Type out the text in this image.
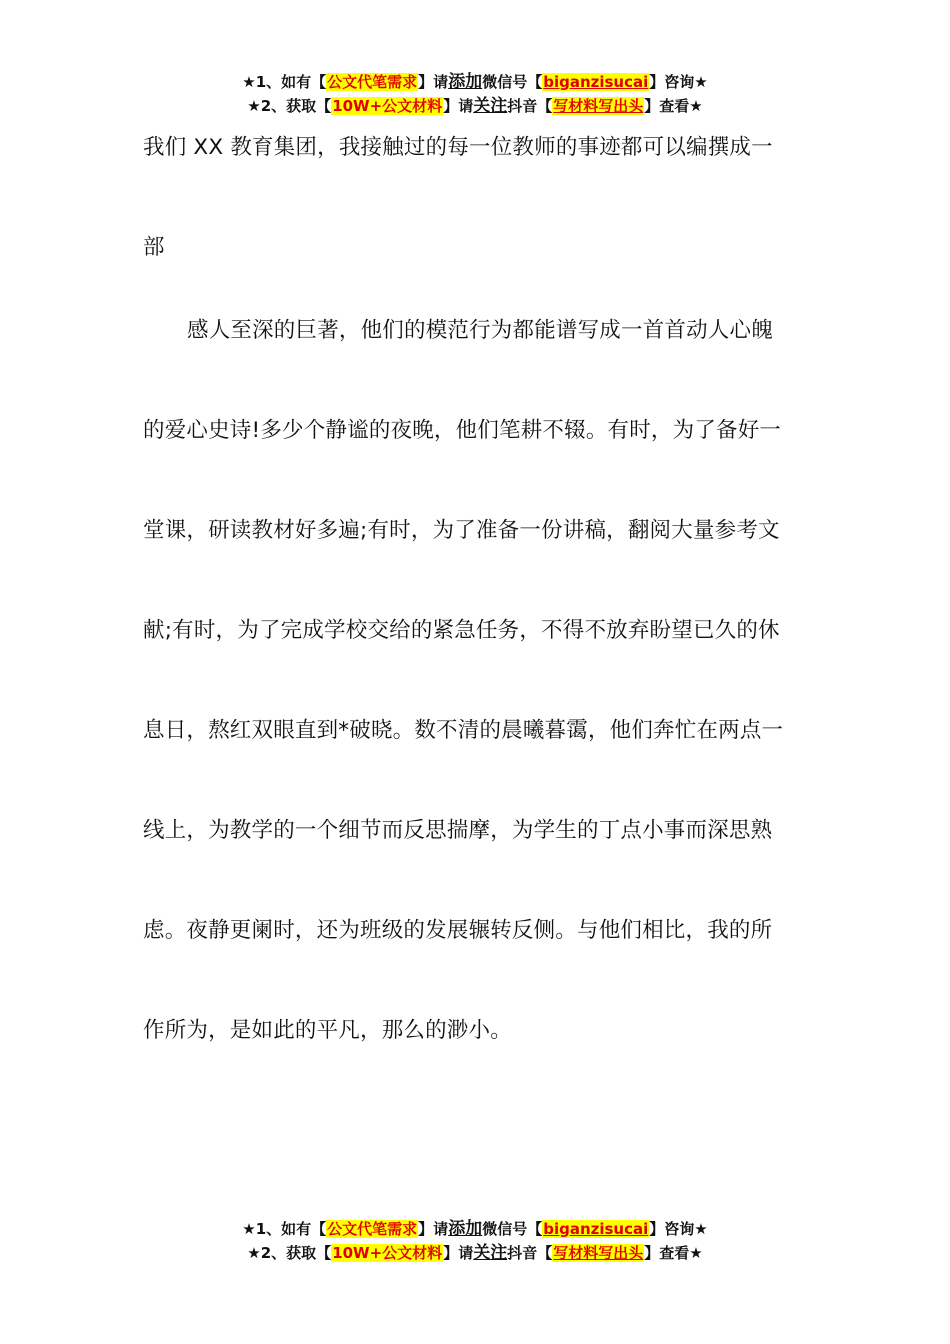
★1、如有【公文代笔需求】请添加微信号【biganzisucai】咨询★
★2、获取【10W+公文材料】请关注抖音【写材料写出头】查看★
我们 XX 教育集团，我接触过的每一位教师的事迹都可以编撰成一
部
感人至深的巨著，他们的模范行为都能谱写成一首首动人心魄
的爱心史诗!多少个静谧的夜晚，他们笔耕不辍。有时，为了备好一
堂课，研读教材好多遍;有时，为了准备一份讲稿，翻阅大量参考文
献;有时，为了完成学校交给的紧急任务，不得不放弃盼望已久的休
息日，熬红双眼直到*破晓。数不清的晨曦暮霭，他们奔忙在两点一
线上，为教学的一个细节而反思揣摩，为学生的丁点小事而深思熟
虑。夜静更阑时，还为班级的发展辗转反侧。与他们相比，我的所
作所为，是如此的平凡，那么的渺小。
★1、如有【公文代笔需求】请添加微信号【biganzisucai】咨询★
★2、获取【10W+公文材料】请关注抖音【写材料写出头】查看★
